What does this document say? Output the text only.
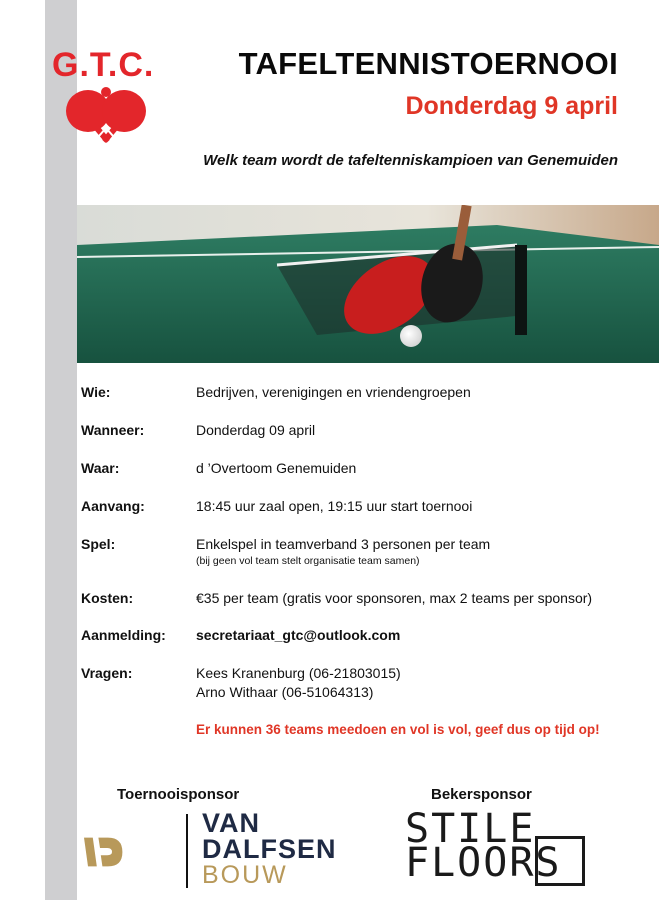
G.T.C.	TAFELTENNISTOERNOOI
Donderdag 9 april
Welk team wordt de tafeltenniskampioen van Genemuiden
Wie:	Bedrijven, verenigingen en vriendengroepen
Wanneer:	Donderdag 09 april
Waar:	d ’Overtoom Genemuiden
Aanvang:	18:45 uur zaal open, 19:15 uur start toernooi
Spel:	Enkelspel in teamverband 3 personen per team
(bij geen vol team stelt organisatie team samen)
Kosten:	€35 per team (gratis voor sponsoren, max 2 teams per sponsor)
Aanmelding: secretariaat_gtc@outlook.com
Vragen:	Kees Kranenburg (06-21803015)
Arno Withaar (06-51064313)
Er kunnen 36 teams meedoen en vol is vol, geef dus op tijd op!
Toernooisponsor	Bekersponsor
VAN
DALFSEN
BOUW
STILE
FLOORS
